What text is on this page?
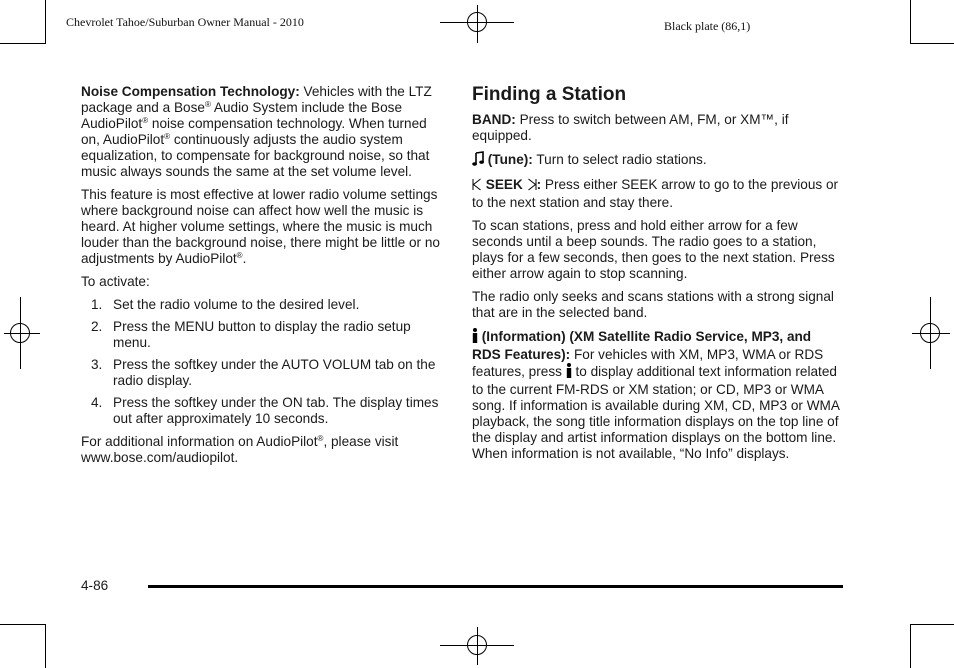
Chevrolet Tahoe/Suburban Owner Manual - 2010	Black plate (86,1)

Noise Compensation Technology: Vehicles with the LTZ package and a Bose® Audio System include the Bose AudioPilot® noise compensation technology. When turned on, AudioPilot® continuously adjusts the audio system equalization, to compensate for background noise, so that music always sounds the same at the set volume level.

This feature is most effective at lower radio volume settings where background noise can affect how well the music is heard. At higher volume settings, where the music is much louder than the background noise, there might be little or no adjustments by AudioPilot®.

To activate:

1. Set the radio volume to the desired level.
2. Press the MENU button to display the radio setup menu.
3. Press the softkey under the AUTO VOLUM tab on the radio display.
4. Press the softkey under the ON tab. The display times out after approximately 10 seconds.

For additional information on AudioPilot®, please visit www.bose.com/audiopilot.

Finding a Station

BAND: Press to switch between AM, FM, or XM™, if equipped.

(Tune): Turn to select radio stations.

SEEK : Press either SEEK arrow to go to the previous or to the next station and stay there.

To scan stations, press and hold either arrow for a few seconds until a beep sounds. The radio goes to a station, plays for a few seconds, then goes to the next station. Press either arrow again to stop scanning.

The radio only seeks and scans stations with a strong signal that are in the selected band.

(Information) (XM Satellite Radio Service, MP3, and RDS Features): For vehicles with XM, MP3, WMA or RDS features, press  to display additional text information related to the current FM-RDS or XM station; or CD, MP3 or WMA song. If information is available during XM, CD, MP3 or WMA playback, the song title information displays on the top line of the display and artist information displays on the bottom line. When information is not available, “No Info” displays.

4-86
